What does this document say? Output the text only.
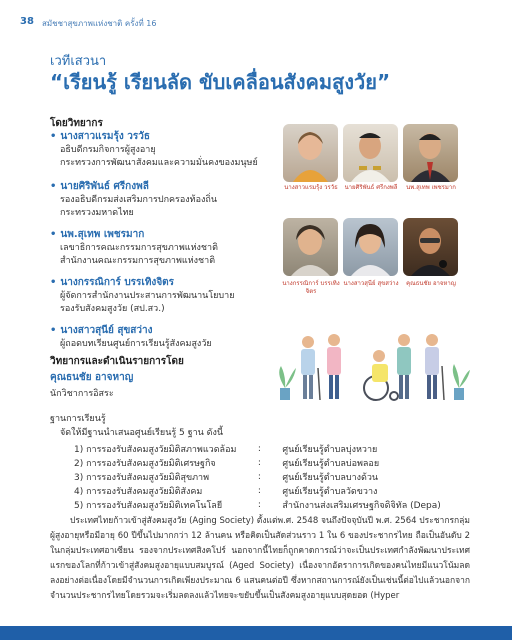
38 สมัชชาสุขภาพแห่งชาติ ครั้งที่ 16
เวทีเสวนา
“เรียนรู้ เรียนลัด ขับเคลื่อนสังคมสูงวัย”
โดยวิทยากร
• นางสาวแรมรุ้ง วรวัธ
อธิบดีกรมกิจการผู้สูงอายุ
กระทรวงการพัฒนาสังคมและความมั่นคงของมนุษย์
• นายศิริพันธ์ ศรีกงพลี
รองอธิบดีกรมส่งเสริมการปกครองท้องถิ่น
กระทรวงมหาดไทย
• นพ.สุเทพ เพชรมาก
เลขาธิการคณะกรรมการสุขภาพแห่งชาติ
สำนักงานคณะกรรมการสุขภาพแห่งชาติ
• นางกรรณิการ์ บรรเทิงจิตร
ผู้จัดการสำนักงานประสานการพัฒนานโยบาย
รองรับสังคมสูงวัย (สป.สว.)
• นางสาวสุนีย์ สุขสว่าง
ผู้ถอดบทเรียนศูนย์การเรียนรู้สังคมสูงวัย
วิทยากรและดำเนินรายการโดย
คุณธนชัย อาจหาญ
นักวิชาการอิสระ
นางสาวแรมรุ้ง วรวัธ	นายศิริพันธ์ ศรีกงพลี	นพ.สุเทพ เพชรมาก
นางกรรณิการ์ บรรเทิงจิตร
นางสาวสุนีย์ สุขสว่าง	คุณธนชัย อาจหาญ
ฐานการเรียนรู้
จัดให้มีฐานนำเสนอศูนย์เรียนรู้ 5 ฐาน ดังนี้
1) การรองรับสังคมสูงวัยมิติสภาพแวดล้อม	:	ศูนย์เรียนรู้ตำบลบุ่งหวาย
2) การรองรับสังคมสูงวัยมิติเศรษฐกิจ	:	ศูนย์เรียนรู้ตำบลบ่อพลอย
3) การรองรับสังคมสูงวัยมิติสุขภาพ	:	ศูนย์เรียนรู้ตำบลบางด้วน
4) การรองรับสังคมสูงวัยมิติสังคม	:	ศูนย์เรียนรู้ตำบลวัดขวาง
5) การรองรับสังคมสูงวัยมิติเทคโนโลยี	:	สำนักงานส่งเสริมเศรษฐกิจดิจิทัล (Depa)
ประเทศไทยก้าวเข้าสู่สังคมสูงวัย (Aging Society) ตั้งแต่พ.ศ. 2548 จนถึงปัจจุบันปี พ.ศ. 2564 ประชากรกลุ่มผู้สูงอายุหรือมีอายุ 60 ปีขึ้นไปมากกว่า 12 ล้านคน หรือคิดเป็นสัดส่วนราว 1 ใน 6 ของประชากรไทย ถือเป็นอันดับ 2 ในกลุ่มประเทศอาเซียน รองจากประเทศสิงคโปร์ นอกจากนี้ไทยก็ถูกคาดการณ์ว่าจะเป็นประเทศกำลังพัฒนาประเทศแรกของโลกที่ก้าวเข้าสู่สังคมสูงอายุแบบสมบูรณ์ (Aged Society) เนื่องจากอัตราการเกิดของคนไทยมีแนวโน้มลดลงอย่างต่อเนื่องโดยมีจำนวนการเกิดเพียงประมาณ 6 แสนคนต่อปี ซึ่งหากสถานการณ์ยังเป็นเช่นนี้ต่อไปแล้วนอกจากจำนวนประชากรไทยโดยรวมจะเริ่มลดลงแล้วไทยจะขยับขึ้นเป็นสังคมสูงอายุแบบสุดยอด (Hyper
